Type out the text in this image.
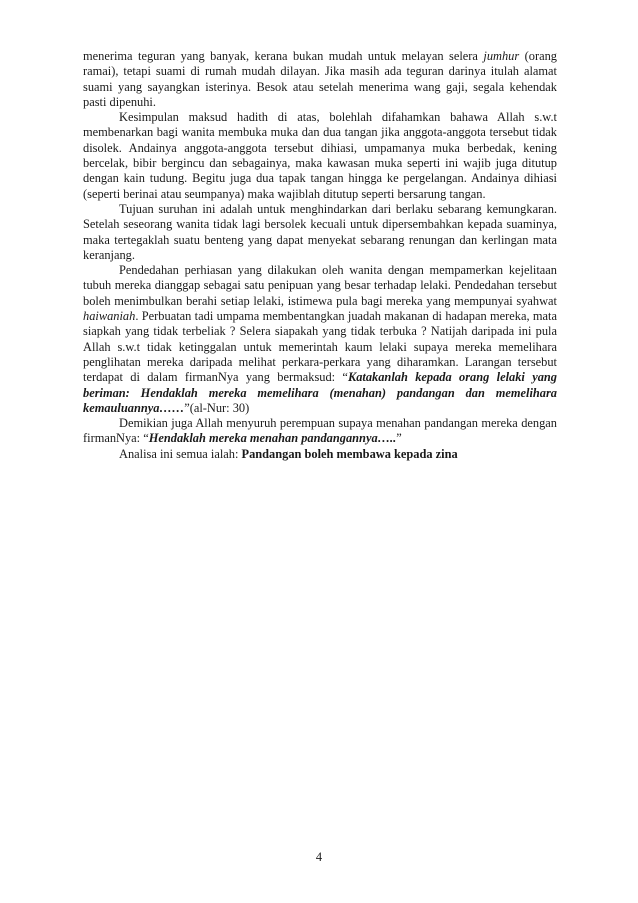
menerima teguran yang banyak, kerana bukan mudah untuk melayan selera jumhur (orang ramai), tetapi suami di rumah mudah dilayan. Jika masih ada teguran darinya itulah alamat suami yang sayangkan isterinya. Besok atau setelah menerima wang gaji, segala kehendak pasti dipenuhi.

Kesimpulan maksud hadith di atas, bolehlah difahamkan bahawa Allah s.w.t membenarkan bagi wanita membuka muka dan dua tangan jika anggota-anggota tersebut tidak disolek. Andainya anggota-anggota tersebut dihiasi, umpamanya muka berbedak, kening bercelak, bibir bergincu dan sebagainya, maka kawasan muka seperti ini wajib juga ditutup dengan kain tudung. Begitu juga dua tapak tangan hingga ke pergelangan. Andainya dihiasi (seperti berinai atau seumpanya) maka wajiblah ditutup seperti bersarung tangan.

Tujuan suruhan ini adalah untuk menghindarkan dari berlaku sebarang kemungkaran. Setelah seseorang wanita tidak lagi bersolek kecuali untuk dipersembahkan kepada suaminya, maka tertegaklah suatu benteng yang dapat menyekat sebarang renungan dan kerlingan mata keranjang.

Pendedahan perhiasan yang dilakukan oleh wanita dengan mempamerkan kejelitaan tubuh mereka dianggap sebagai satu penipuan yang besar terhadap lelaki. Pendedahan tersebut boleh menimbulkan berahi setiap lelaki, istimewa pula bagi mereka yang mempunyai syahwat haiwaniah. Perbuatan tadi umpama membentangkan juadah makanan di hadapan mereka, mata siapkah yang tidak terbeliak ? Selera siapakah yang tidak terbuka ? Natijah daripada ini pula Allah s.w.t tidak ketinggalan untuk memerintah kaum lelaki supaya mereka memelihara penglihatan mereka daripada melihat perkara-perkara yang diharamkan. Larangan tersebut terdapat di dalam firmanNya yang bermaksud: “Katakanlah kepada orang lelaki yang beriman: Hendaklah mereka memelihara (menahan) pandangan dan memelihara kemauluannya……”(al-Nur: 30)

Demikian juga Allah menyuruh perempuan supaya menahan pandangan mereka dengan firmanNya: “Hendaklah mereka menahan pandangannya…..”

Analisa ini semua ialah: Pandangan boleh membawa kepada zina

4
